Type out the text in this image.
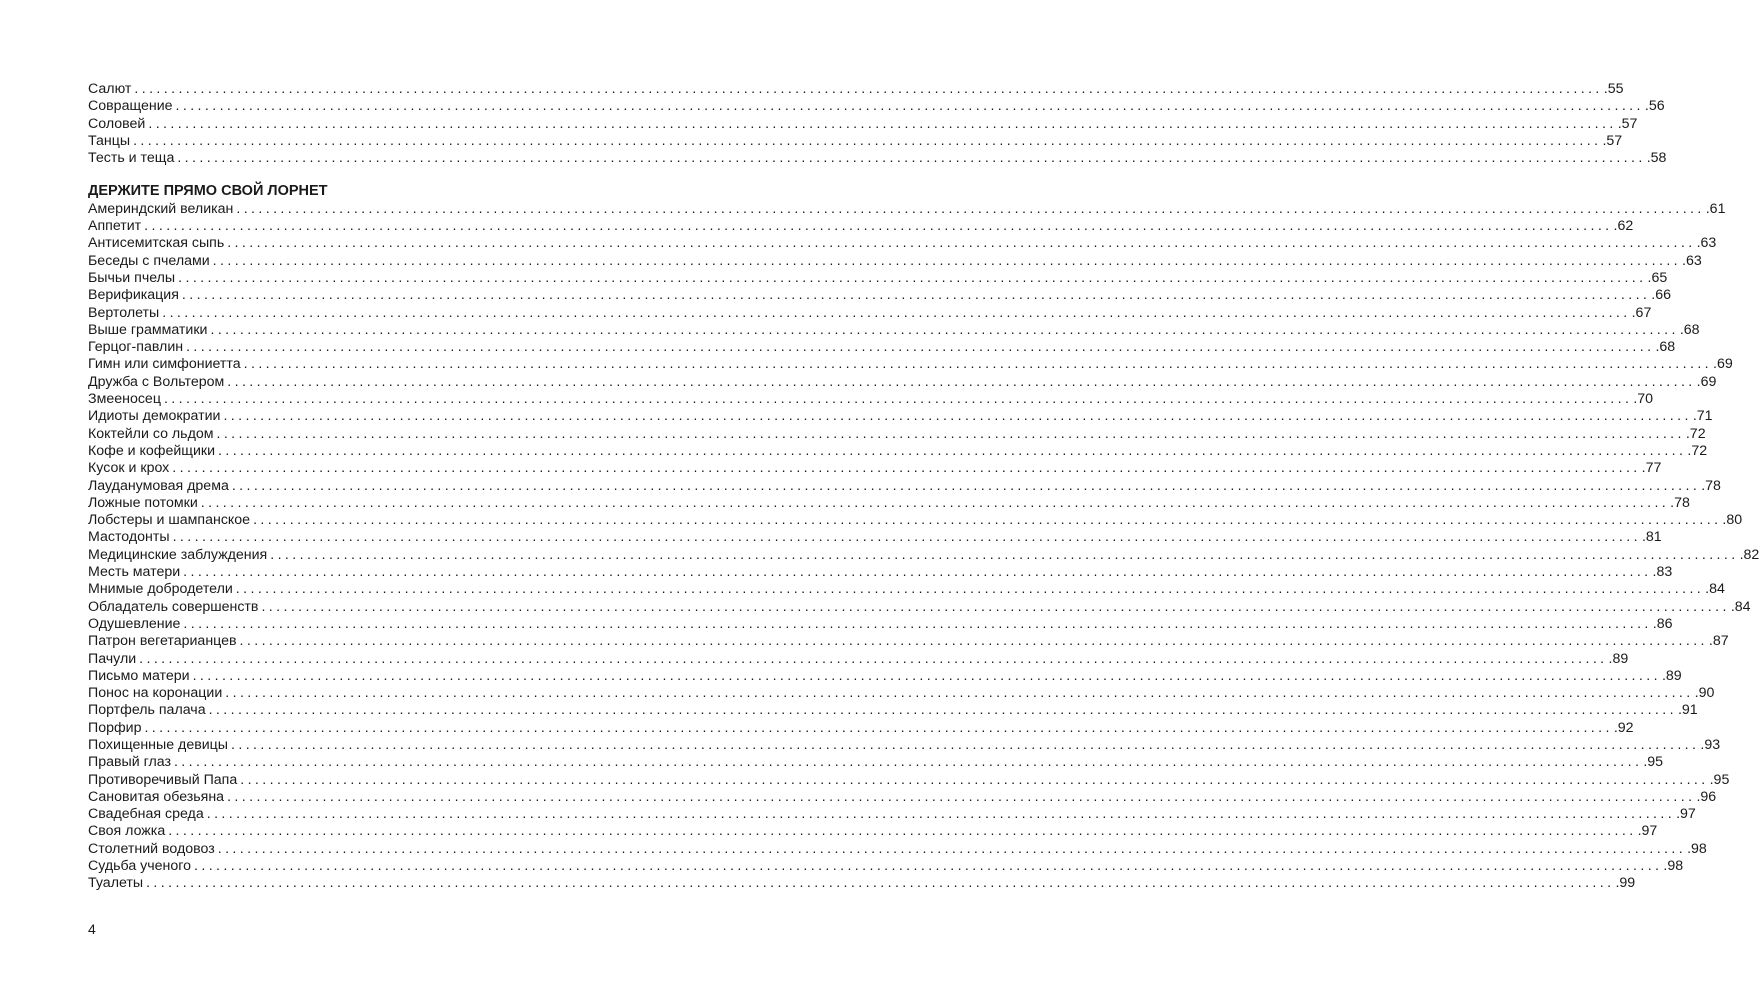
Салют ........................................................................................................................................................................................................ .55
Совращение ........................................................................................................................................................................................................ .56
Соловей ........................................................................................................................................................................................................ .57
Танцы ........................................................................................................................................................................................................ .57
Тесть и теща ........................................................................................................................................................................................................ .58
ДЕРЖИТЕ ПРЯМО СВОЙ ЛОРНЕТ
Америндский великан ........................................................................................................................................................................................................ .61
Аппетит ........................................................................................................................................................................................................ .62
Антисемитская сыпь ........................................................................................................................................................................................................ .63
Беседы с пчелами ........................................................................................................................................................................................................ .63
Бычьи пчелы ........................................................................................................................................................................................................ .65
Верификация ........................................................................................................................................................................................................ .66
Вертолеты ........................................................................................................................................................................................................ .67
Выше грамматики ........................................................................................................................................................................................................ .68
Герцог-павлин ........................................................................................................................................................................................................ .68
Гимн или симфониетта ........................................................................................................................................................................................................ .69
Дружба с Вольтером ........................................................................................................................................................................................................ .69
Змееносец ........................................................................................................................................................................................................ .70
Идиоты демократии ........................................................................................................................................................................................................ .71
Коктейли со льдом ........................................................................................................................................................................................................ .72
Кофе и кофейщики ........................................................................................................................................................................................................ .72
Кусок и крох ........................................................................................................................................................................................................ .77
Лауданумовая дрема ........................................................................................................................................................................................................ .78
Ложные потомки ........................................................................................................................................................................................................ .78
Лобстеры и шампанское ........................................................................................................................................................................................................ .80
Мастодонты ........................................................................................................................................................................................................ .81
Медицинские заблуждения ........................................................................................................................................................................................................ .82
Месть матери ........................................................................................................................................................................................................ .83
Мнимые добродетели ........................................................................................................................................................................................................ .84
Обладатель совершенств ........................................................................................................................................................................................................ .84
Одушевление ........................................................................................................................................................................................................ .86
Патрон вегетарианцев ........................................................................................................................................................................................................ .87
Пачули ........................................................................................................................................................................................................ .89
Письмо матери ........................................................................................................................................................................................................ .89
Понос на коронации ........................................................................................................................................................................................................ .90
Портфель палача ........................................................................................................................................................................................................ .91
Порфир ........................................................................................................................................................................................................ .92
Похищенные девицы ........................................................................................................................................................................................................ .93
Правый глаз ........................................................................................................................................................................................................ .95
Противоречивый Папа ........................................................................................................................................................................................................ .95
Сановитая обезьяна ........................................................................................................................................................................................................ .96
Свадебная среда ........................................................................................................................................................................................................ .97
Своя ложка ........................................................................................................................................................................................................ .97
Столетний водовоз ........................................................................................................................................................................................................ .98
Судьба ученого ........................................................................................................................................................................................................ .98
Туалеты ........................................................................................................................................................................................................ .99
4
